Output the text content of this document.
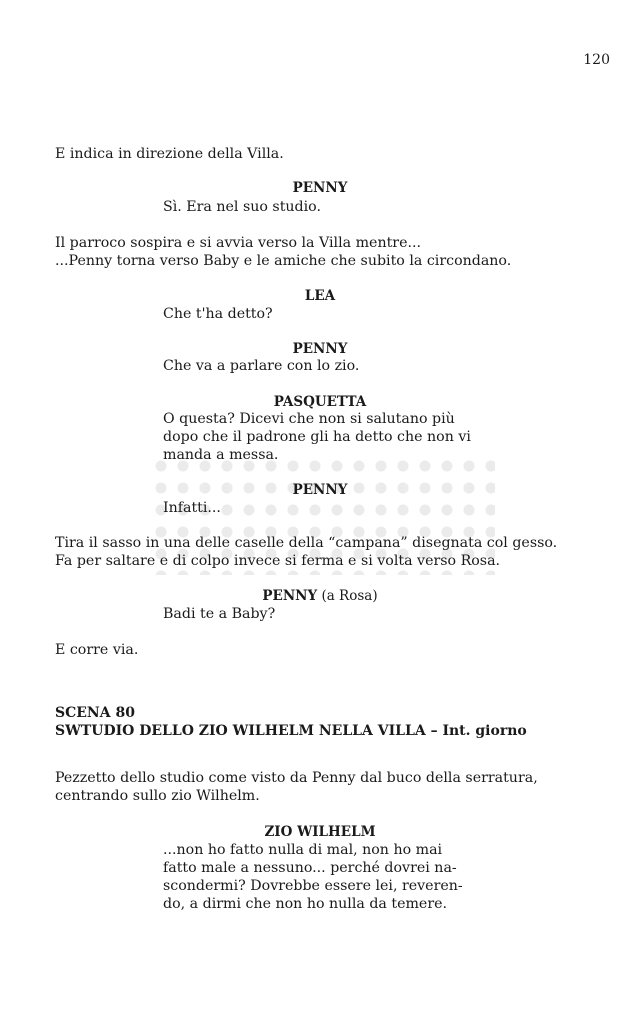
120
E indica in direzione della Villa.
PENNY
Sì. Era nel suo studio.
Il parroco sospira e si avvia verso la Villa mentre...
...Penny torna verso Baby e le amiche che subito la circondano.
LEA
Che t'ha detto?
PENNY
Che va a parlare con lo zio.
PASQUETTA
O questa? Dicevi che non si salutano più
dopo che il padrone gli ha detto che non vi
manda a messa.
PENNY
Infatti...
Tira il sasso in una delle caselle della “campana” disegnata col gesso.
Fa per saltare e di colpo invece si ferma e si volta verso Rosa.
PENNY (a Rosa)
Badi te a Baby?
E corre via.
SCENA 80
SWTUDIO DELLO ZIO WILHELM NELLA VILLA – Int. giorno
Pezzetto dello studio come visto da Penny dal buco della serratura,
centrando sullo zio Wilhelm.
ZIO WILHELM
...non ho fatto nulla di mal, non ho mai
fatto male a nessuno... perché dovrei na-
scondermi? Dovrebbe essere lei, reveren-
do, a dirmi che non ho nulla da temere.
